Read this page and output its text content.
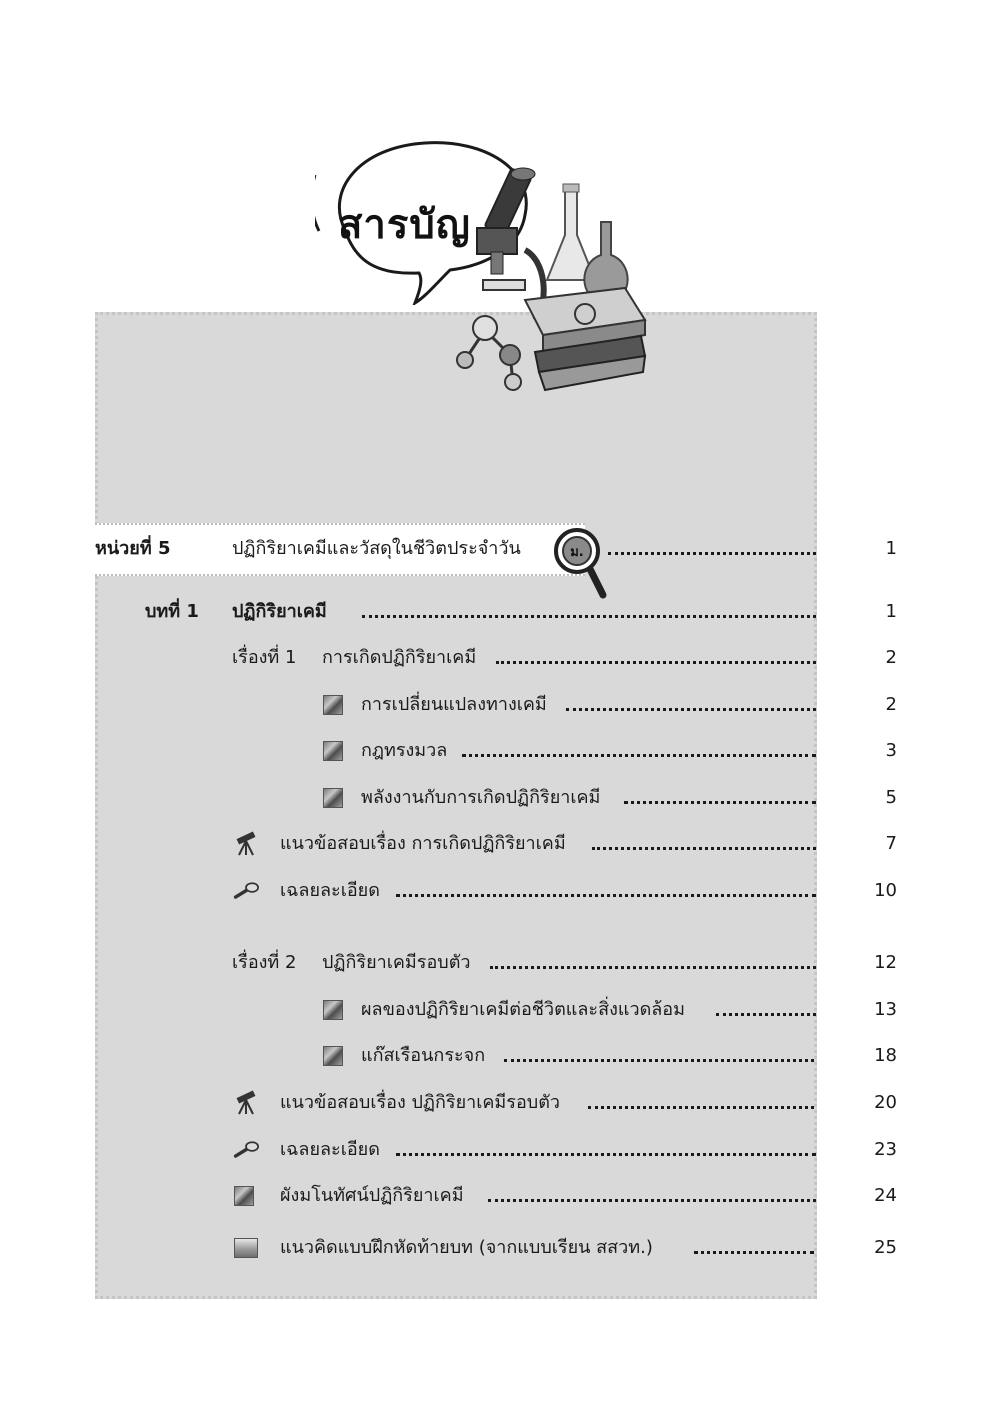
สารบัญ
หน่วยที่ 5	ปฏิกิริยาเคมีและวัสดุในชีวิตประจำวัน	1
ม.
บทที่ 1 ปฏิกิริยาเคมี	1
เรื่องที่ 1 การเกิดปฏิกิริยาเคมี	2
การเปลี่ยนแปลงทางเคมี	2
กฎทรงมวล	3
พลังงานกับการเกิดปฏิกิริยาเคมี	5
แนวข้อสอบเรื่อง การเกิดปฏิกิริยาเคมี	7
เฉลยละเอียด	10
เรื่องที่ 2 ปฏิกิริยาเคมีรอบตัว	12
ผลของปฏิกิริยาเคมีต่อชีวิตและสิ่งแวดล้อม	13
แก๊สเรือนกระจก	18
แนวข้อสอบเรื่อง ปฏิกิริยาเคมีรอบตัว	20
เฉลยละเอียด	23
ผังมโนทัศน์ปฏิกิริยาเคมี	24
แนวคิดแบบฝึกหัดท้ายบท (จากแบบเรียน สสวท.)	25
